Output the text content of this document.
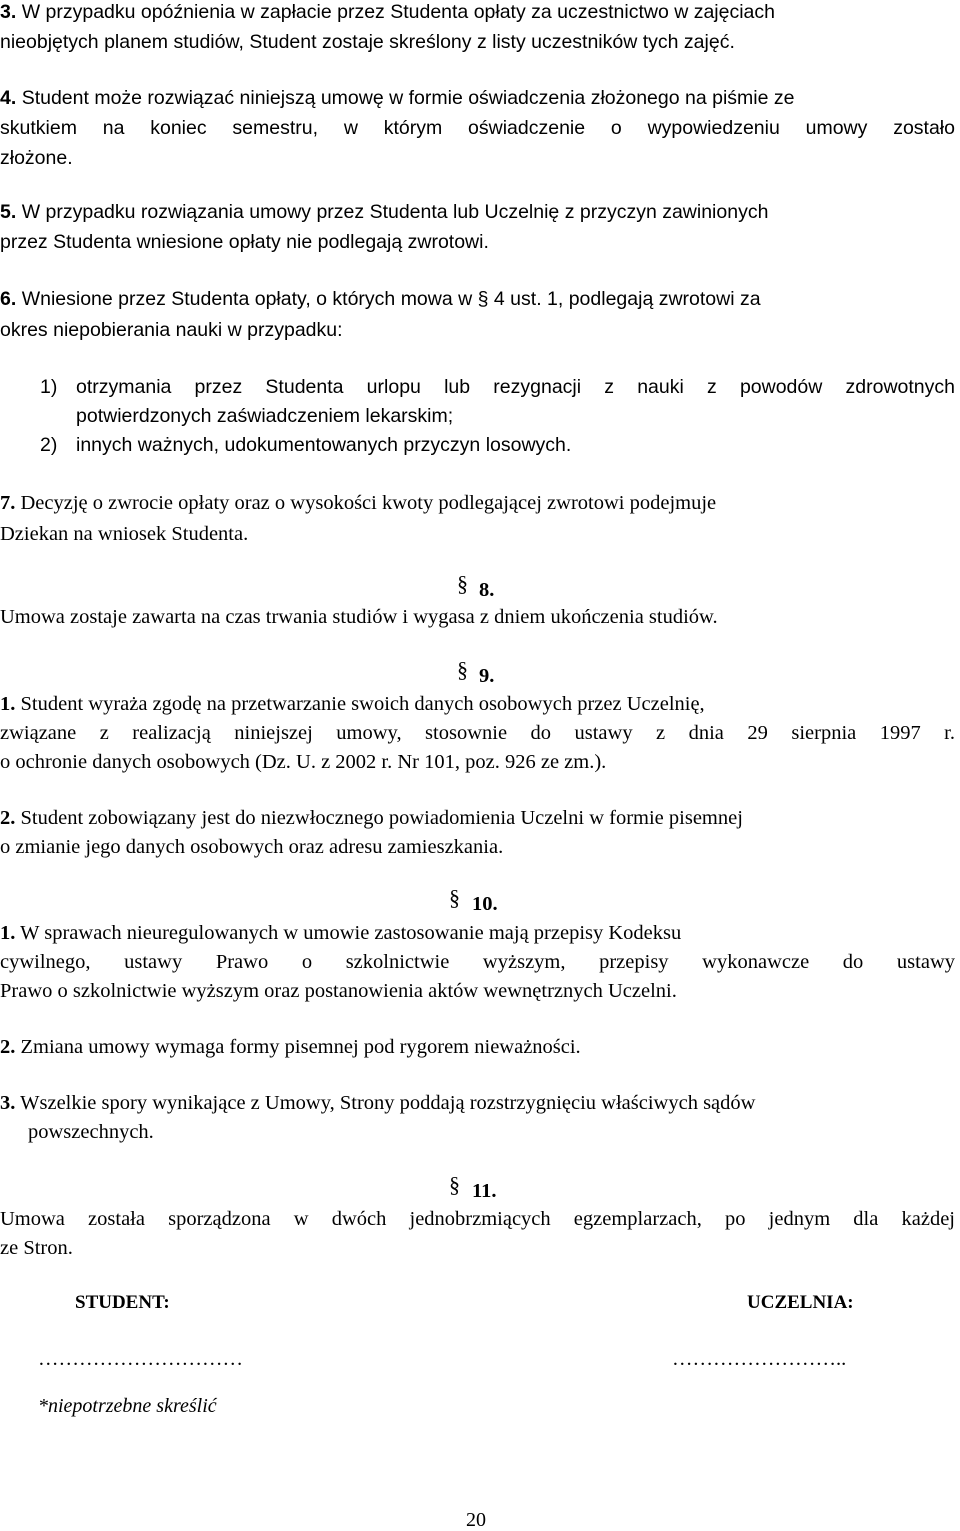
3. W przypadku opóźnienia w zapłacie przez Studenta opłaty za uczestnictwo w zajęciach
nieobjętych planem studiów, Student zostaje skreślony z listy uczestników tych zajęć.
4. Student może rozwiązać niniejszą umowę w formie oświadczenia złożonego na piśmie ze
skutkiem na koniec semestru, w którym oświadczenie o wypowiedzeniu umowy zostało
złożone.
5. W przypadku rozwiązania umowy przez Studenta lub Uczelnię z przyczyn zawinionych
przez Studenta wniesione opłaty nie podlegają zwrotowi.
6. Wniesione przez Studenta opłaty, o których mowa w § 4 ust. 1, podlegają zwrotowi za
okres niepobierania nauki w przypadku:
1) otrzymania przez Studenta urlopu lub rezygnacji z nauki z powodów zdrowotnych
potwierdzonych zaświadczeniem lekarskim;
2) innych ważnych, udokumentowanych przyczyn losowych.
7. Decyzję o zwrocie opłaty oraz o wysokości kwoty podlegającej zwrotowi podejmuje
Dziekan na wniosek Studenta.
§ 8.
Umowa zostaje zawarta na czas trwania studiów i wygasa z dniem ukończenia studiów.
§ 9.
1. Student wyraża zgodę na przetwarzanie swoich danych osobowych przez Uczelnię,
związane z realizacją niniejszej umowy, stosownie do ustawy z dnia 29 sierpnia 1997 r.
o ochronie danych osobowych (Dz. U. z 2002 r. Nr 101, poz. 926 ze zm.).
2. Student zobowiązany jest do niezwłocznego powiadomienia Uczelni w formie pisemnej
o zmianie jego danych osobowych oraz adresu zamieszkania.
§ 10.
1. W sprawach nieuregulowanych w umowie zastosowanie mają przepisy Kodeksu
cywilnego, ustawy Prawo o szkolnictwie wyższym, przepisy wykonawcze do ustawy
Prawo o szkolnictwie wyższym oraz postanowienia aktów wewnętrznych Uczelni.
2. Zmiana umowy wymaga formy pisemnej pod rygorem nieważności.
3. Wszelkie spory wynikające z Umowy, Strony poddają rozstrzygnięciu właściwych sądów
powszechnych.
§ 11.
Umowa została sporządzona w dwóch jednobrzmiących egzemplarzach, po jednym dla każdej
ze Stron.
STUDENT:	UCZELNIA:
…………………………	……………………..
*niepotrzebne skreślić
20
